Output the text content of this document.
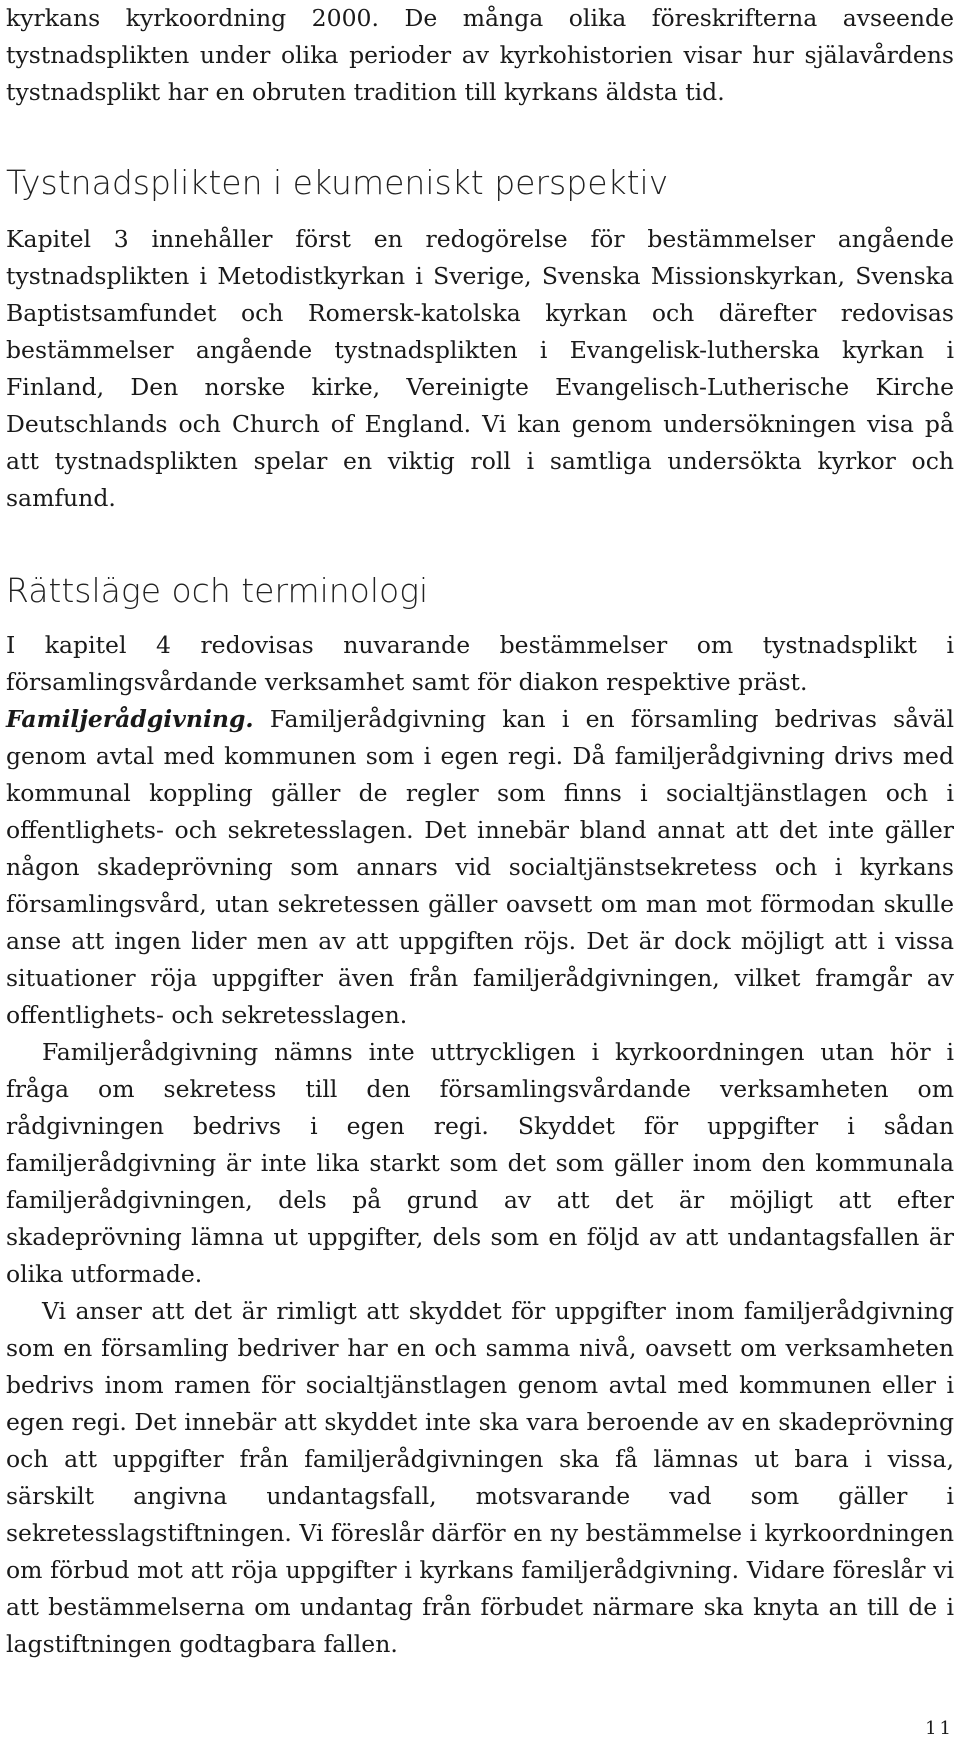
kyrkans kyrkoordning 2000. De många olika föreskrifterna avseende tystnadsplikten under olika perioder av kyrkohistorien visar hur själavårdens tystnadsplikt har en obruten tradition till kyrkans äldsta tid.

Tystnadsplikten i ekumeniskt perspektiv

Kapitel 3 innehåller först en redogörelse för bestämmelser angående tystnadsplikten i Metodistkyrkan i Sverige, Svenska Missionskyrkan, Svenska Baptistsamfundet och Romersk-katolska kyrkan och därefter redovisas bestämmelser angående tystnadsplikten i Evangelisk-lutherska kyrkan i Finland, Den norske kirke, Vereinigte Evangelisch-Lutherische Kirche Deutschlands och Church of England. Vi kan genom undersökningen visa på att tystnadsplikten spelar en viktig roll i samtliga undersökta kyrkor och samfund.

Rättsläge och terminologi

I kapitel 4 redovisas nuvarande bestämmelser om tystnadsplikt i församlingsvårdande verksamhet samt för diakon respektive präst.

Familjerådgivning. Familjerådgivning kan i en församling bedrivas såväl genom avtal med kommunen som i egen regi. Då familjerådgivning drivs med kommunal koppling gäller de regler som finns i socialtjänstlagen och i offentlighets- och sekretesslagen. Det innebär bland annat att det inte gäller någon skadeprövning som annars vid socialtjänstsekretess och i kyrkans församlingsvård, utan sekretessen gäller oavsett om man mot förmodan skulle anse att ingen lider men av att uppgiften röjs. Det är dock möjligt att i vissa situationer röja uppgifter även från familjerådgivningen, vilket framgår av offentlighets- och sekretesslagen.

Familjerådgivning nämns inte uttryckligen i kyrkoordningen utan hör i fråga om sekretess till den församlingsvårdande verksamheten om rådgivningen bedrivs i egen regi. Skyddet för uppgifter i sådan familjerådgivning är inte lika starkt som det som gäller inom den kommunala familjerådgivningen, dels på grund av att det är möjligt att efter skadeprövning lämna ut uppgifter, dels som en följd av att undantagsfallen är olika utformade.

Vi anser att det är rimligt att skyddet för uppgifter inom familjerådgivning som en församling bedriver har en och samma nivå, oavsett om verksamheten bedrivs inom ramen för socialtjänstlagen genom avtal med kommunen eller i egen regi. Det innebär att skyddet inte ska vara beroende av en skadeprövning och att uppgifter från familjerådgivningen ska få lämnas ut bara i vissa, särskilt angivna undantagsfall, motsvarande vad som gäller i sekretesslagstiftningen. Vi föreslår därför en ny bestämmelse i kyrkoordningen om förbud mot att röja uppgifter i kyrkans familjerådgivning. Vidare föreslår vi att bestämmelserna om undantag från förbudet närmare ska knyta an till de i lagstiftningen godtagbara fallen.

11
